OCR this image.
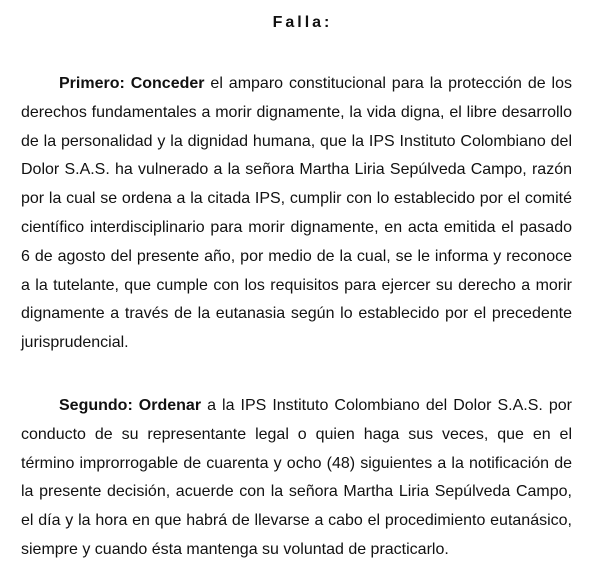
Falla:

Primero: Conceder el amparo constitucional para la protección de los derechos fundamentales a morir dignamente, la vida digna, el libre desarrollo de la personalidad y la dignidad humana, que la IPS Instituto Colombiano del Dolor S.A.S. ha vulnerado a la señora Martha Liria Sepúlveda Campo, razón por la cual se ordena a la citada IPS, cumplir con lo establecido por el comité científico interdisciplinario para morir dignamente, en acta emitida el pasado 6 de agosto del presente año, por medio de la cual, se le informa y reconoce a la tutelante, que cumple con los requisitos para ejercer su derecho a morir dignamente a través de la eutanasia según lo establecido por el precedente jurisprudencial.

Segundo: Ordenar a la IPS Instituto Colombiano del Dolor S.A.S. por conducto de su representante legal o quien haga sus veces, que en el término improrrogable de cuarenta y ocho (48) siguientes a la notificación de la presente decisión, acuerde con la señora Martha Liria Sepúlveda Campo, el día y la hora en que habrá de llevarse a cabo el procedimiento eutanásico, siempre y cuando ésta mantenga su voluntad de practicarlo.
